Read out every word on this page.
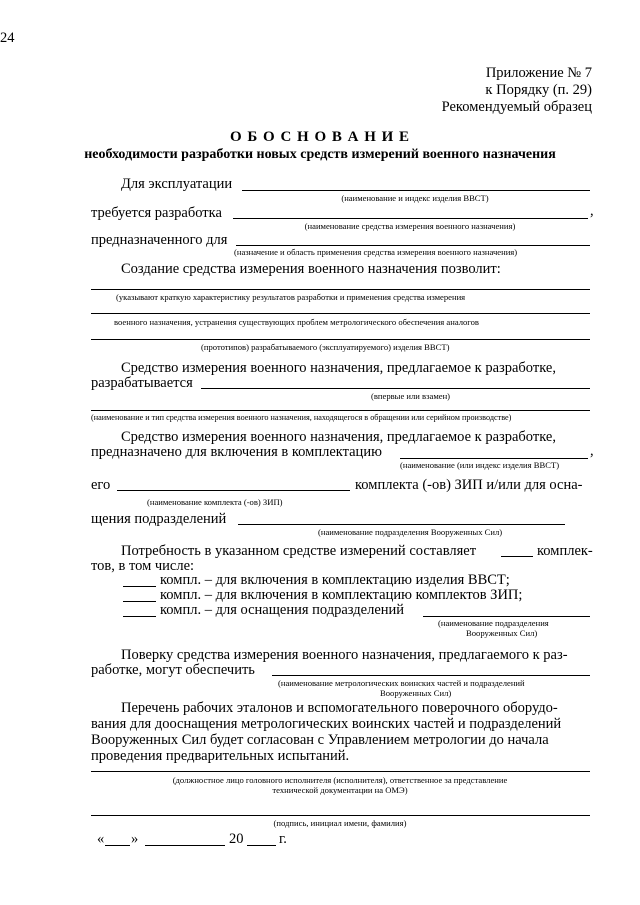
24
Приложение № 7
к Порядку (п. 29)
Рекомендуемый образец
О Б О С Н О В А Н И Е
необходимости разработки новых средств измерений военного назначения
Для эксплуатации
(наименование и индекс изделия ВВСТ)
требуется разработка	,
(наименование средства измерения военного назначения)
предназначенного для
(назначение и область применения средства измерения военного назначения)
Создание средства измерения военного назначения позволит:
(указывают краткую характеристику результатов разработки и применения средства измерения
военного назначения, устранения существующих проблем метрологического обеспечения аналогов
(прототипов) разрабатываемого (эксплуатируемого) изделия ВВСТ)
Средство измерения военного назначения, предлагаемое к разработке,
разрабатывается
(впервые или взамен)
(наименование и тип средства измерения военного назначения, находящегося в обращении или серийном производстве)
Средство измерения военного назначения, предлагаемое к разработке,
предназначено для включения в комплектацию	,
(наименование (или индекс изделия ВВСТ)
его	комплекта (-ов) ЗИП и/или для осна-
(наименование комплекта (-ов) ЗИП)
щения подразделений
(наименование подразделения Вооруженных Сил)
Потребность в указанном средстве измерений составляет	комплек-
тов, в том числе:
компл. – для включения в комплектацию изделия ВВСТ;
компл. – для включения в комплектацию комплектов ЗИП;
компл. – для оснащения подразделений
(наименование подразделения
Вооруженных Сил)
Поверку средства измерения военного назначения, предлагаемого к раз-
работке, могут обеспечить
(наименование метрологических воинских частей и подразделений
Вооруженных Сил)
Перечень рабочих эталонов и вспомогательного поверочного оборудо-
вания для дооснащения метрологических воинских частей и подразделений
Вооруженных Сил будет согласован с Управлением метрологии до начала
проведения предварительных испытаний.
(должностное лицо головного исполнителя (исполнителя), ответственное за представление
технической документации на ОМЭ)
(подпись, инициал имени, фамилия)
« »	20 г.
